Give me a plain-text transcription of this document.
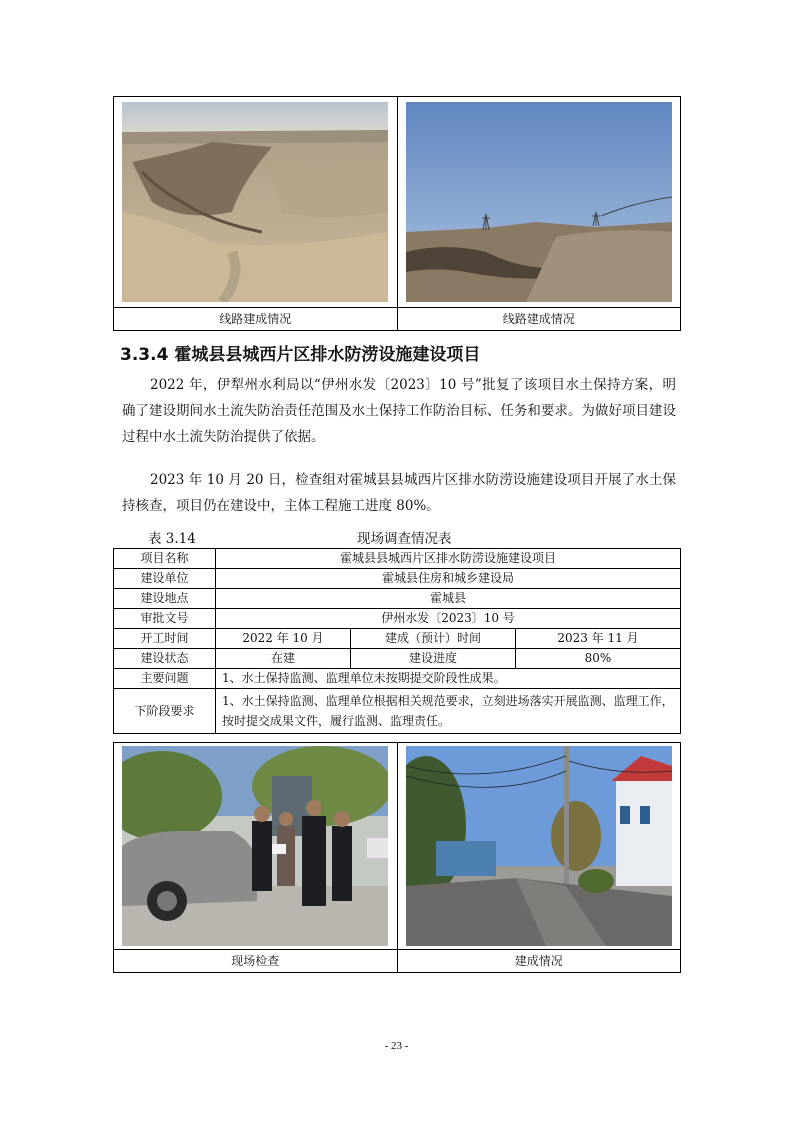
线路建成情况	线路建成情况
3.3.4 霍城县县城西片区排水防涝设施建设项目
2022 年，伊犁州水利局以“伊州水发〔2023〕10 号”批复了该项目水土保持方案，明确了建设期间水土流失防治责任范围及水土保持工作防治目标、任务和要求。为做好项目建设过程中水土流失防治提供了依据。
2023 年 10 月 20 日，检查组对霍城县县城西片区排水防涝设施建设项目开展了水土保持核查，项目仍在建设中，主体工程施工进度 80%。
表 3.14	现场调查情况表
项目名称	霍城县县城西片区排水防涝设施建设项目		
建设单位	霍城县住房和城乡建设局		
建设地点	霍城县		
审批文号	伊州水发〔2023〕10 号		
开工时间	2022 年 10 月	建成（预计）时间	2023 年 11 月
建设状态	在建	建设进度	80%
主要问题	1、水土保持监测、监理单位未按期提交阶段性成果。		
下阶段要求	1、水土保持监测、监理单位根据相关规范要求，立刻进场落实开展监测、监理工作，按时提交成果文件，履行监测、监理责任。		

现场检查	建成情况
- 23 -
